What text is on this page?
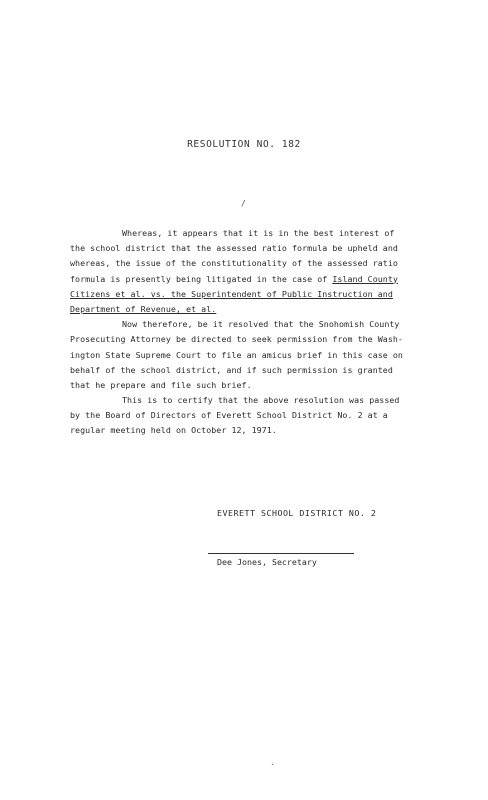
RESOLUTION NO. 182
/
Whereas, it appears that it is in the best interest of
the school district that the assessed ratio formula be upheld and
whereas, the issue of the constitutionality of the assessed ratio
formula is presently being litigated in the case of Island County
Citizens et al. vs. the Superintendent of Public Instruction and
Department of Revenue, et al.
Now therefore, be it resolved that the Snohomish County
Prosecuting Attorney be directed to seek permission from the Wash-
ington State Supreme Court to file an amicus brief in this case on
behalf of the school district, and if such permission is granted
that he prepare and file such brief.
This is to certify that the above resolution was passed
by the Board of Directors of Everett School District No. 2 at a
regular meeting held on October 12, 1971.
EVERETT SCHOOL DISTRICT NO. 2
Dee Jones, Secretary
.
